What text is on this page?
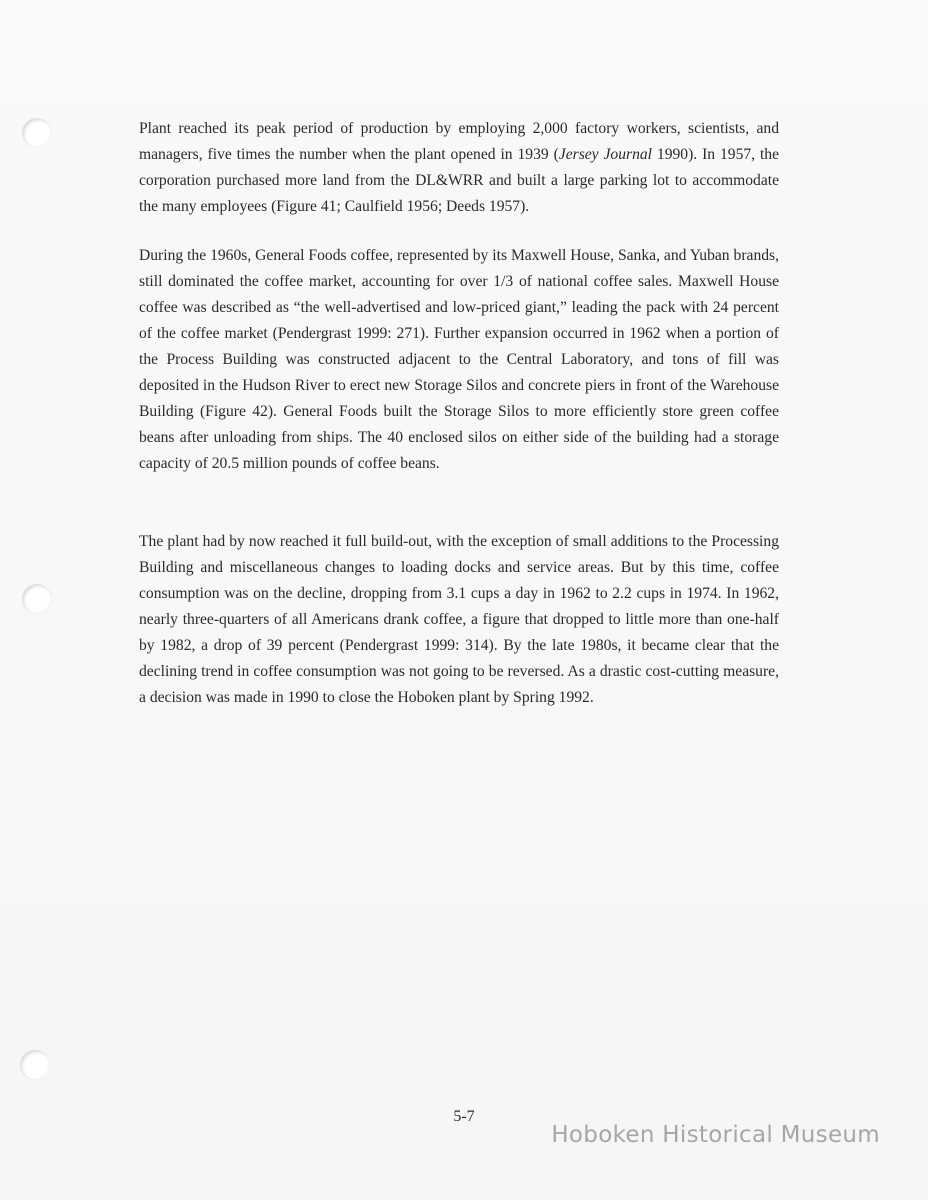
Plant reached its peak period of production by employing 2,000 factory workers, scientists, and managers, five times the number when the plant opened in 1939 (Jersey Journal 1990). In 1957, the corporation purchased more land from the DL&WRR and built a large parking lot to accommodate the many employees (Figure 41; Caulfield 1956; Deeds 1957).

During the 1960s, General Foods coffee, represented by its Maxwell House, Sanka, and Yuban brands, still dominated the coffee market, accounting for over 1/3 of national coffee sales. Maxwell House coffee was described as “the well-advertised and low-priced giant,” leading the pack with 24 percent of the coffee market (Pendergrast 1999: 271). Further expansion occurred in 1962 when a portion of the Process Building was constructed adjacent to the Central Laboratory, and tons of fill was deposited in the Hudson River to erect new Storage Silos and concrete piers in front of the Warehouse Building (Figure 42). General Foods built the Storage Silos to more efficiently store green coffee beans after unloading from ships. The 40 enclosed silos on either side of the building had a storage capacity of 20.5 million pounds of coffee beans.

The plant had by now reached it full build-out, with the exception of small additions to the Processing Building and miscellaneous changes to loading docks and service areas. But by this time, coffee consumption was on the decline, dropping from 3.1 cups a day in 1962 to 2.2 cups in 1974. In 1962, nearly three-quarters of all Americans drank coffee, a figure that dropped to little more than one-half by 1982, a drop of 39 percent (Pendergrast 1999: 314). By the late 1980s, it became clear that the declining trend in coffee consumption was not going to be reversed. As a drastic cost-cutting measure, a decision was made in 1990 to close the Hoboken plant by Spring 1992.

5-7
Hoboken Historical Museum
